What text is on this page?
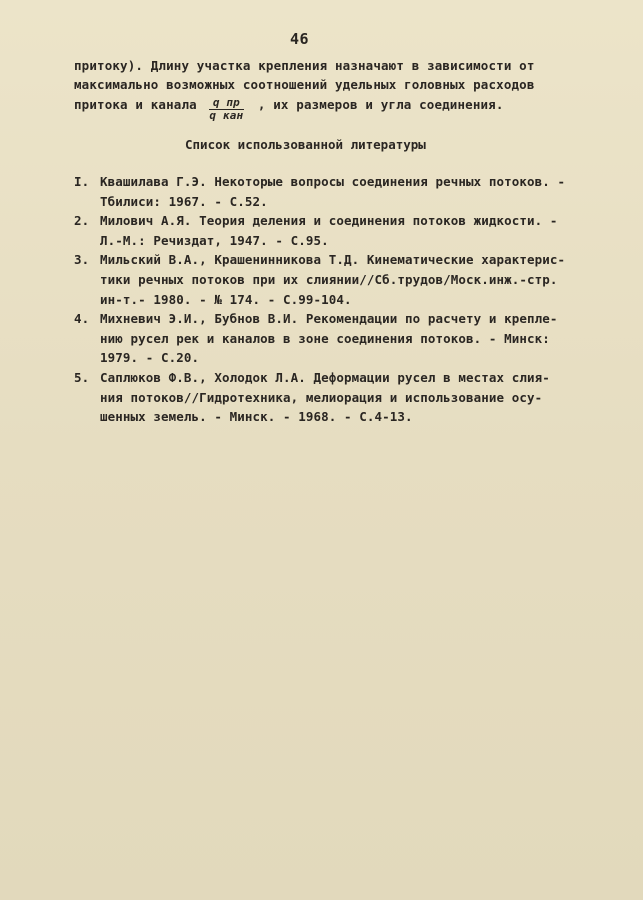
46
притоку). Длину участка крепления назначают в зависимости от
максимально возможных соотношений удельных головных расходов
притока и канала $\frac{\text{q пр}}{\text{q кан}}$ , их размеров и угла соединения.
Список использованной литературы
I. Квашилава Г.Э. Некоторые вопросы соединения речных потоков. -
Тбилиси: 1967. - С.52.
2. Милович А.Я. Теория деления и соединения потоков жидкости. -
Л.-М.: Речиздат, 1947. - С.95.
3. Мильский В.А., Крашенинникова Т.Д. Кинематические характерис-
тики речных потоков при их слиянии//Сб.трудов/Моск.инж.-стр.
ин-т.- 1980. - № 174. - С.99-104.
4. Михневич Э.И., Бубнов В.И. Рекомендации по расчету и крепле-
нию русел рек и каналов в зоне соединения потоков. - Минск:
1979. - С.20.
5. Саплюков Ф.В., Холодок Л.А. Деформации русел в местах слия-
ния потоков//Гидротехника, мелиорация и использование осу-
шенных земель. - Минск. - 1968. - С.4-13.
